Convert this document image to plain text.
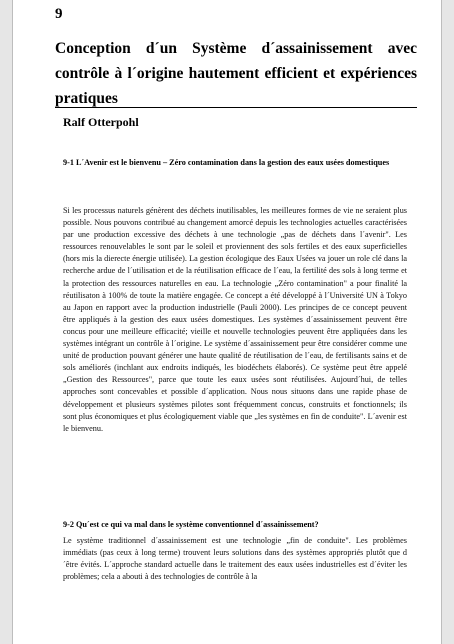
9
Conception d´un Système d´assainissement avec contrôle à l´origine hautement efficient et expériences pratiques
Ralf Otterpohl
9-1 L´Avenir est le bienvenu – Zéro contamination dans la gestion des eaux usées domestiques

Si les processus naturels génèrent des déchets inutilisables, les meilleures formes de vie ne seraient plus possible. Nous pouvons contribué au changement amorcé depuis les technologies actuelles caractérisées par une production excessive des déchets à une technologie „pas de déchets dans l´avenir". Les ressources renouvelables le sont par le soleil et proviennent des sols fertiles et des eaux superficielles (hors mis la dierecte énergie utilisée). La gestion écologique des Eaux Usées va jouer un role clé dans la recherche ardue de l´utilisation et de la réutilisation efficace de l´eau, la fertilité des sols à long terme et la protection des ressources naturelles en eau. La technologie „Zéro contamination" a pour finalité la réutilisaton à 100% de toute la matière engagée. Ce concept a été développé à l´Université UN à Tokyo au Japon en rapport avec la production industrielle (Pauli 2000). Les principes de ce concept peuvent être appliqués à la gestion des eaux usées domestiques. Les systèmes d´assainissement peuvent être concus pour une meilleure efficacité; vieille et nouvelle technologies peuvent être appliquées dans les systèmes intégrant un contrôle à l´origine. Le système d´assainissement peur être considérer comme une unité de production pouvant générer une haute qualité de réutilisation de l´eau, de fertilisants sains et de sols améliorés (inchlant aux endroits indiqués, les biodéchets élaborés). Ce système peut être appelé „Gestion des Ressources", parce que toute les eaux usées sont réutilisées. Aujourd´hui, de telles approches sont concevables et possible d´application. Nous nous situons dans une rapide phase de développement et plusieurs systèmes pilotes sont fréquemment concus, construits et fonctionnels; ils sont plus économiques et plus écologiquement viable que „les systèmes en fin de conduite". L´avenir est le bienvenu.

9-2 Qu´est ce qui va mal dans le système conventionnel d´assainissement?

Le système traditionnel d´assainissement est une technologie „fin de conduite". Les problèmes immédiats (pas ceux à long terme) trouvent leurs solutions dans des systèmes appropriés plutôt que d´être évités. L´approche standard actuelle dans le traitement des eaux usées industrielles est d´éviter les problèmes; cela a abouti à des technologies de contrôle à la
